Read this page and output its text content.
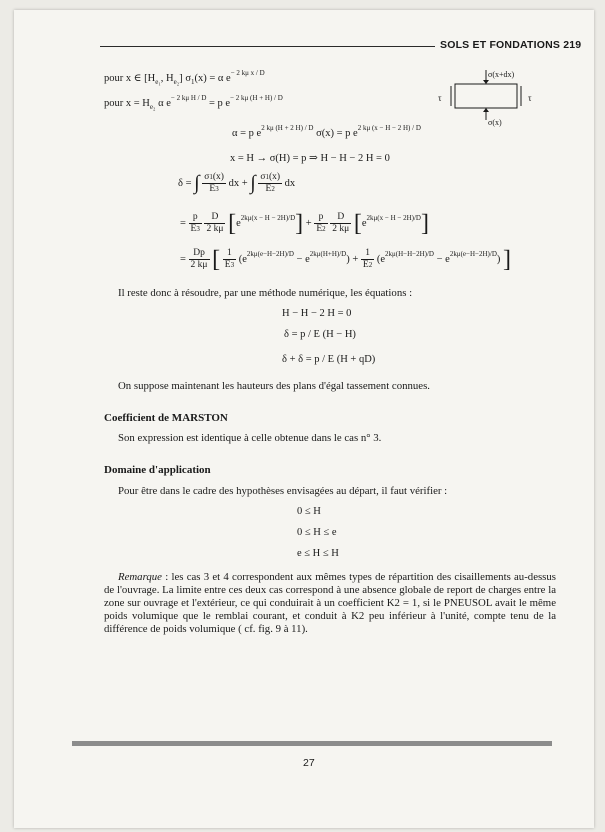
SOLS ET FONDATIONS 219
pour x ∈ [$H_{e_1}$, $H_{e_2}$] $\sigma_1(x) = \alpha$ $e^{- 2 k\mu x / D}$
pour $x = H_{e_2}$ α $e^{- 2 k\mu H / D} = p$ $e^{- 2 k\mu (H + H) / D}$
α = p $e^{2 k\mu (H + 2 H) / D}$ σ(x) = p $e^{2 k\mu (x - H - 2 H) / D}$
x = H → σ(H) = p ⇒ H − H − 2 H = 0
δ = ∫ $\frac{\sigma 1(x)}{E3}$ dx + ∫ $\frac{\sigma 1(x)}{E2}$ dx
= $\frac{p}{E3}$
$\frac{D}{2 k\mu} [e^{2k\mu(x - H - 2H)/D}] + \frac{p}{E2}$
$\frac{D}{2 k\mu} [e^{2k\mu(x - H - 2H)/D}]$
= $\frac{Dp}{2 k\mu}$ [ $\frac{1}{E3} (e^{2k\mu(e-H-2H)/D} - e^{2k\mu(H+H)/D}) + \frac{1}{E2} (e^{2k\mu(H-H-2H)/D} - e^{2k\mu(e-H-2H)/D})$ ]
Il reste donc à résoudre, par une méthode numérique, les équations :
H − H − 2 H = 0
δ = p / E (H − H)
δ + δ = p / E (H + qD)
On suppose maintenant les hauteurs des plans d'égal tassement connues.
Coefficient de MARSTON
Son expression est identique à celle obtenue dans le cas n° 3.
Domaine d'application
Pour être dans le cadre des hypothèses envisagées au départ, il faut vérifier :
0 ≤ H
0 ≤ H ≤ e
e ≤ H ≤ H
Remarque : les cas 3 et 4 correspondent aux mêmes types de répartition des cisaillements au-dessus de l'ouvrage. La limite entre ces deux cas correspond à une absence globale de report de charges entre la zone sur ouvrage et l'extérieur, ce qui conduirait à un coefficient K2 = 1, si le PNEUSOL avait le même poids volumique que le remblai courant, et conduit à K2 peu inférieur à l'unité, compte tenu de la différence de poids volumique ( cf. fig. 9 à 11).
σ(x+dx)
σ(x)
τ	τ
27
